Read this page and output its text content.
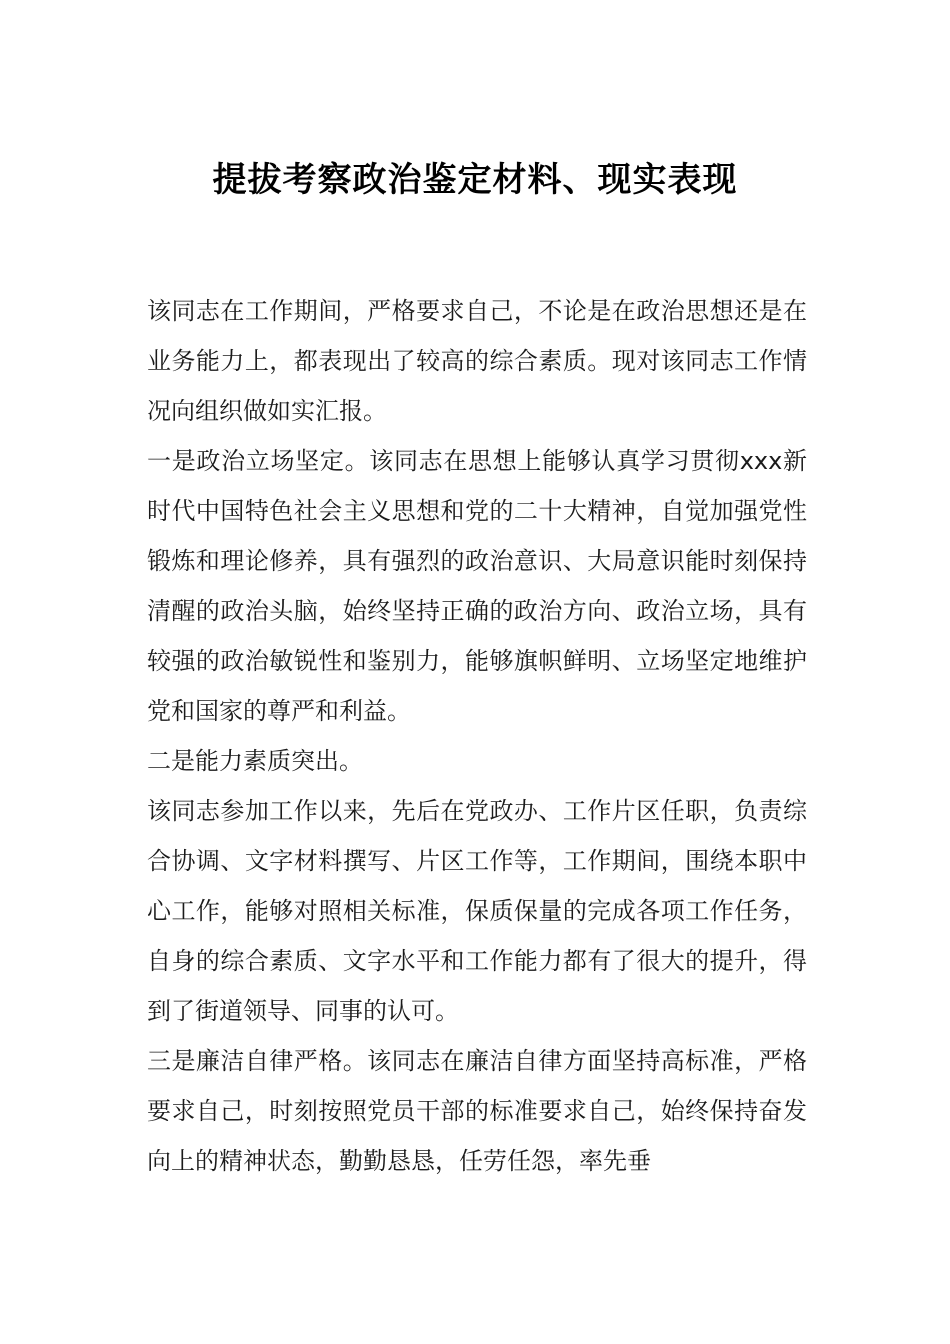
提拔考察政治鉴定材料、现实表现

该同志在工作期间，严格要求自己，不论是在政治思想还是在业务能力上，都表现出了较高的综合素质。现对该同志工作情况向组织做如实汇报。

一是政治立场坚定。该同志在思想上能够认真学习贯彻xxx新时代中国特色社会主义思想和党的二十大精神，自觉加强党性锻炼和理论修养，具有强烈的政治意识、大局意识能时刻保持清醒的政治头脑，始终坚持正确的政治方向、政治立场，具有较强的政治敏锐性和鉴别力，能够旗帜鲜明、立场坚定地维护党和国家的尊严和利益。

二是能力素质突出。

该同志参加工作以来，先后在党政办、工作片区任职，负责综合协调、文字材料撰写、片区工作等，工作期间，围绕本职中心工作，能够对照相关标准，保质保量的完成各项工作任务，自身的综合素质、文字水平和工作能力都有了很大的提升，得到了街道领导、同事的认可。

三是廉洁自律严格。该同志在廉洁自律方面坚持高标准，严格要求自己，时刻按照党员干部的标准要求自己，始终保持奋发向上的精神状态，勤勤恳恳，任劳任怨，率先垂
